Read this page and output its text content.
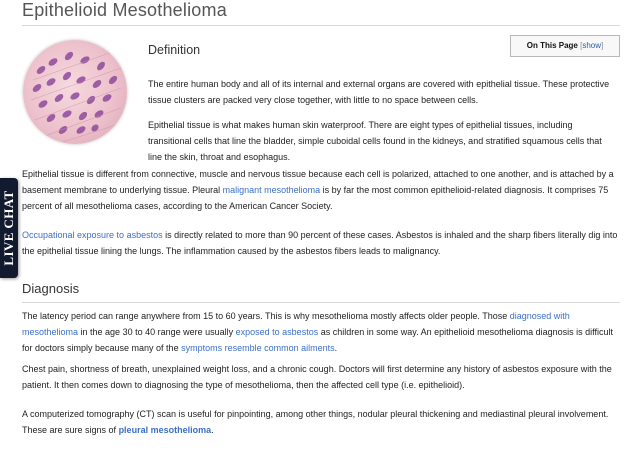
Epithelioid Mesothelioma
On This Page [show]
Definition

The entire human body and all of its internal and external organs are covered with epithelial tissue. These protective tissue clusters are packed very close together, with little to no space between cells.

Epithelial tissue is what makes human skin waterproof. There are eight types of epithelial tissues, including transitional cells that line the bladder, simple cuboidal cells found in the kidneys, and stratified squamous cells that line the skin, throat and esophagus.

Epithelial tissue is different from connective, muscle and nervous tissue because each cell is polarized, attached to one another, and is attached by a basement membrane to underlying tissue. Pleural malignant mesothelioma is by far the most common epithelioid-related diagnosis. It comprises 75 percent of all mesothelioma cases, according to the American Cancer Society.

Occupational exposure to asbestos is directly related to more than 90 percent of these cases. Asbestos is inhaled and the sharp fibers literally dig into the epithelial tissue lining the lungs. The inflammation caused by the asbestos fibers leads to malignancy.

Diagnosis

The latency period can range anywhere from 15 to 60 years. This is why mesothelioma mostly affects older people. Those diagnosed with mesothelioma in the age 30 to 40 range were usually exposed to asbestos as children in some way. An epithelioid mesothelioma diagnosis is difficult for doctors simply because many of the symptoms resemble common ailments.

Chest pain, shortness of breath, unexplained weight loss, and a chronic cough. Doctors will first determine any history of asbestos exposure with the patient. It then comes down to diagnosing the type of mesothelioma, then the affected cell type (i.e. epithelioid).

A computerized tomography (CT) scan is useful for pinpointing, among other things, nodular pleural thickening and mediastinal pleural involvement. These are sure signs of pleural mesothelioma.

LIVE CHAT
